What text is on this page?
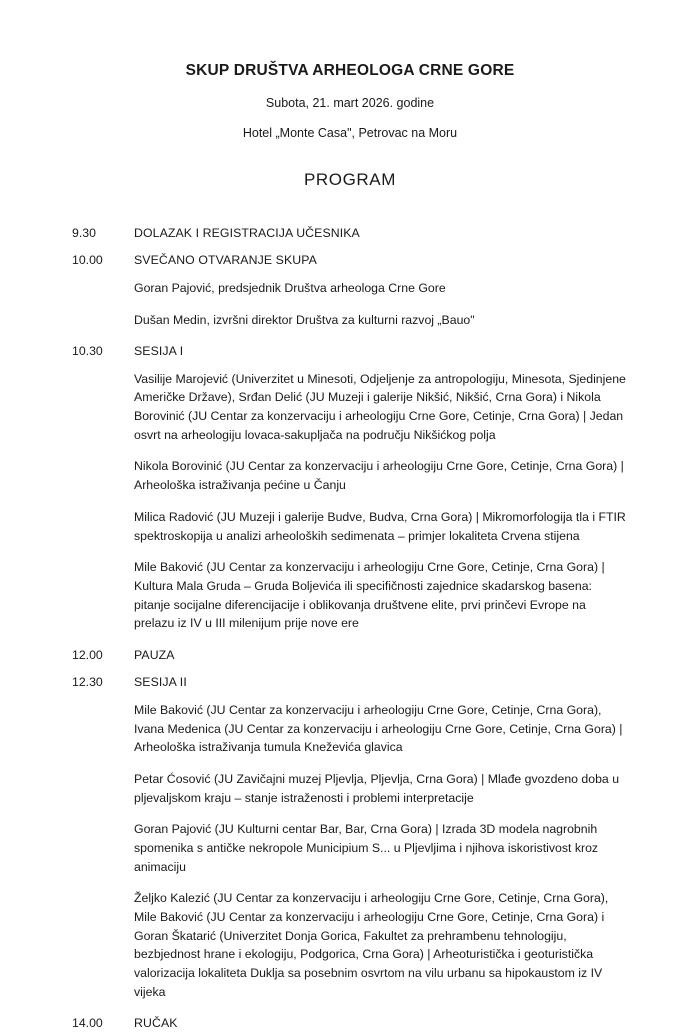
SKUP DRUŠTVA ARHEOLOGA CRNE GORE
Subota, 21. mart 2026. godine
Hotel „Monte Casa", Petrovac na Moru
PROGRAM
9.30	DOLAZAK I REGISTRACIJA UČESNIKA
10.00	SVEČANO OTVARANJE SKUPA
Goran Pajović, predsjednik Društva arheologa Crne Gore
Dušan Medin, izvršni direktor Društva za kulturni razvoj „Bauo"
10.30	SESIJA I
Vasilije Marojević (Univerzitet u Minesoti, Odjeljenje za antropologiju, Minesota, Sjedinjene Američke Države), Srđan Delić (JU Muzeji i galerije Nikšić, Nikšić, Crna Gora) i Nikola Borovinić (JU Centar za konzervaciju i arheologiju Crne Gore, Cetinje, Crna Gora) | Jedan osvrt na arheologiju lovaca-sakupljača na području Nikšićkog polja
Nikola Borovinić (JU Centar za konzervaciju i arheologiju Crne Gore, Cetinje, Crna Gora) | Arheološka istraživanja pećine u Čanju
Milica Radović (JU Muzeji i galerije Budve, Budva, Crna Gora) | Mikromorfologija tla i FTIR spektroskopija u analizi arheoloških sedimenata – primjer lokaliteta Crvena stijena
Mile Baković (JU Centar za konzervaciju i arheologiju Crne Gore, Cetinje, Crna Gora) | Kultura Mala Gruda – Gruda Boljevića ili specifičnosti zajednice skadarskog basena: pitanje socijalne diferencijacije i oblikovanja društvene elite, prvi prinčevi Evrope na prelazu iz IV u III milenijum prije nove ere
12.00	PAUZA
12.30	SESIJA II
Mile Baković (JU Centar za konzervaciju i arheologiju Crne Gore, Cetinje, Crna Gora), Ivana Medenica (JU Centar za konzervaciju i arheologiju Crne Gore, Cetinje, Crna Gora) | Arheološka istraživanja tumula Kneževića glavica
Petar Ćosović (JU Zavičajni muzej Pljevlja, Pljevlja, Crna Gora) | Mlađe gvozdeno doba u pljevaljskom kraju – stanje istraženosti i problemi interpretacije
Goran Pajović (JU Kulturni centar Bar, Bar, Crna Gora) | Izrada 3D modela nagrobnih spomenika s antičke nekropole Municipium S... u Pljevljima i njihova iskoristivost kroz animaciju
Željko Kalezić (JU Centar za konzervaciju i arheologiju Crne Gore, Cetinje, Crna Gora), Mile Baković (JU Centar za konzervaciju i arheologiju Crne Gore, Cetinje, Crna Gora) i Goran Škatarić (Univerzitet Donja Gorica, Fakultet za prehrambenu tehnologiju, bezbjednost hrane i ekologiju, Podgorica, Crna Gora) | Arheoturistička i geoturistička valorizacija lokaliteta Duklja sa posebnim osvrtom na vilu urbanu sa hipokaustom iz IV vijeka
14.00	RUČAK
